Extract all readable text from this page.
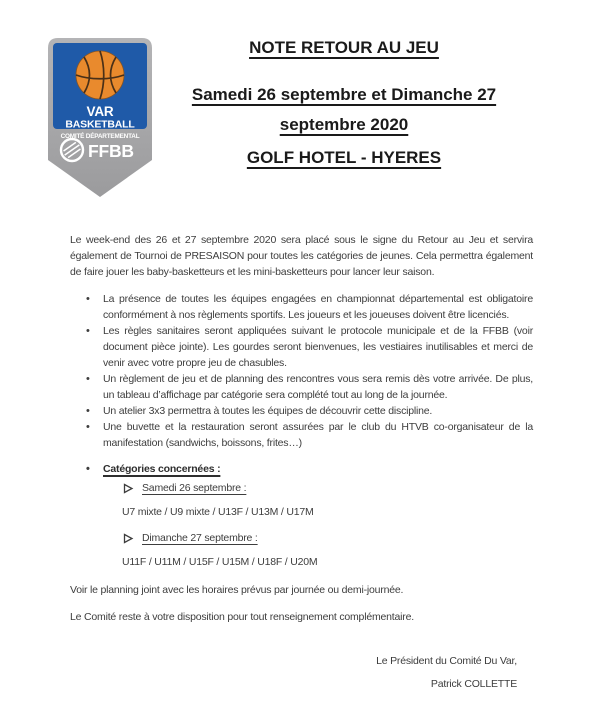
VAR
BASKETBALL
COMITÉ DÉPARTEMENTAL
FFBB
NOTE RETOUR AU JEU
Samedi 26 septembre et Dimanche 27
septembre 2020
GOLF HOTEL - HYERES

Le week-end des 26 et 27 septembre 2020 sera placé sous le signe du Retour au Jeu et servira également de Tournoi de PRESAISON pour toutes les catégories de jeunes. Cela permettra également de faire jouer les baby-basketteurs et les mini-basketteurs pour lancer leur saison.

•	La présence de toutes les équipes engagées en championnat départemental est obligatoire conformément à nos règlements sportifs. Les joueurs et les joueuses doivent être licenciés.

•	Les règles sanitaires seront appliquées suivant le protocole municipale et de la FFBB (voir document pièce jointe). Les gourdes seront bienvenues, les vestiaires inutilisables et merci de venir avec votre propre jeu de chasubles.

•	Un règlement de jeu et de planning des rencontres vous sera remis dès votre arrivée. De plus, un tableau d’affichage par catégorie sera complété tout au long de la journée.

•	Un atelier 3x3 permettra à toutes les équipes de découvrir cette discipline.

•	Une buvette et la restauration seront assurées par le club du HTVB co-organisateur de la manifestation (sandwichs, boissons, frites…)

•	Catégories concernées :

Samedi 26 septembre :
U7 mixte / U9 mixte / U13F / U13M / U17M
Dimanche 27 septembre :
U11F / U11M / U15F / U15M / U18F / U20M

Voir le planning joint avec les horaires prévus par journée ou demi-journée.

Le Comité reste à votre disposition pour tout renseignement complémentaire.

Le Président du Comité Du Var,
Patrick COLLETTE
